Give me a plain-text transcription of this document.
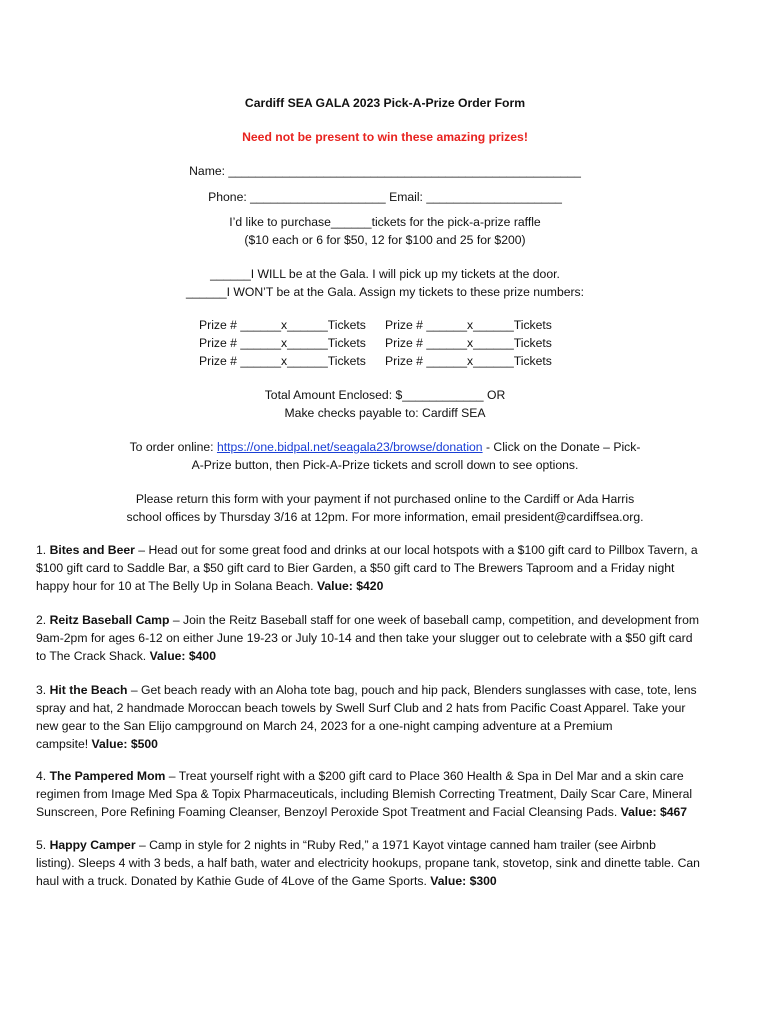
Cardiff SEA GALA 2023 Pick-A-Prize Order Form
Need not be present to win these amazing prizes!
Name: ____________________________________________________
Phone: ____________________ Email: ____________________
I’d like to purchase______tickets for the pick-a-prize raffle
($10 each or 6 for $50, 12 for $100 and 25 for $200)
______I WILL be at the Gala. I will pick up my tickets at the door.
______I WON’T be at the Gala. Assign my tickets to these prize numbers:
Prize # ______x______Tickets	Prize # ______x______Tickets
Prize # ______x______Tickets	Prize # ______x______Tickets
Prize # ______x______Tickets	Prize # ______x______Tickets
Total Amount Enclosed: $____________ OR
Make checks payable to: Cardiff SEA
To order online: https://one.bidpal.net/seagala23/browse/donation - Click on the Donate – Pick-
A-Prize button, then Pick-A-Prize tickets and scroll down to see options.
Please return this form with your payment if not purchased online to the Cardiff or Ada Harris
school offices by Thursday 3/16 at 12pm. For more information, email president@cardiffsea.org.
1. Bites and Beer – Head out for some great food and drinks at our local hotspots with a $100 gift card to Pillbox Tavern, a
$100 gift card to Saddle Bar, a $50 gift card to Bier Garden, a $50 gift card to The Brewers Taproom and a Friday night
happy hour for 10 at The Belly Up in Solana Beach. Value: $420
2. Reitz Baseball Camp – Join the Reitz Baseball staff for one week of baseball camp, competition, and development from
9am-2pm for ages 6-12 on either June 19-23 or July 10-14 and then take your slugger out to celebrate with a $50 gift card
to The Crack Shack. Value: $400
3. Hit the Beach – Get beach ready with an Aloha tote bag, pouch and hip pack, Blenders sunglasses with case, tote, lens
spray and hat, 2 handmade Moroccan beach towels by Swell Surf Club and 2 hats from Pacific Coast Apparel. Take your
new gear to the San Elijo campground on March 24, 2023 for a one-night camping adventure at a Premium
campsite! Value: $500
4. The Pampered Mom – Treat yourself right with a $200 gift card to Place 360 Health & Spa in Del Mar and a skin care
regimen from Image Med Spa & Topix Pharmaceuticals, including Blemish Correcting Treatment, Daily Scar Care, Mineral
Sunscreen, Pore Refining Foaming Cleanser, Benzoyl Peroxide Spot Treatment and Facial Cleansing Pads. Value: $467
5. Happy Camper – Camp in style for 2 nights in “Ruby Red,” a 1971 Kayot vintage canned ham trailer (see Airbnb
listing). Sleeps 4 with 3 beds, a half bath, water and electricity hookups, propane tank, stovetop, sink and dinette table. Can
haul with a truck. Donated by Kathie Gude of 4Love of the Game Sports. Value: $300
